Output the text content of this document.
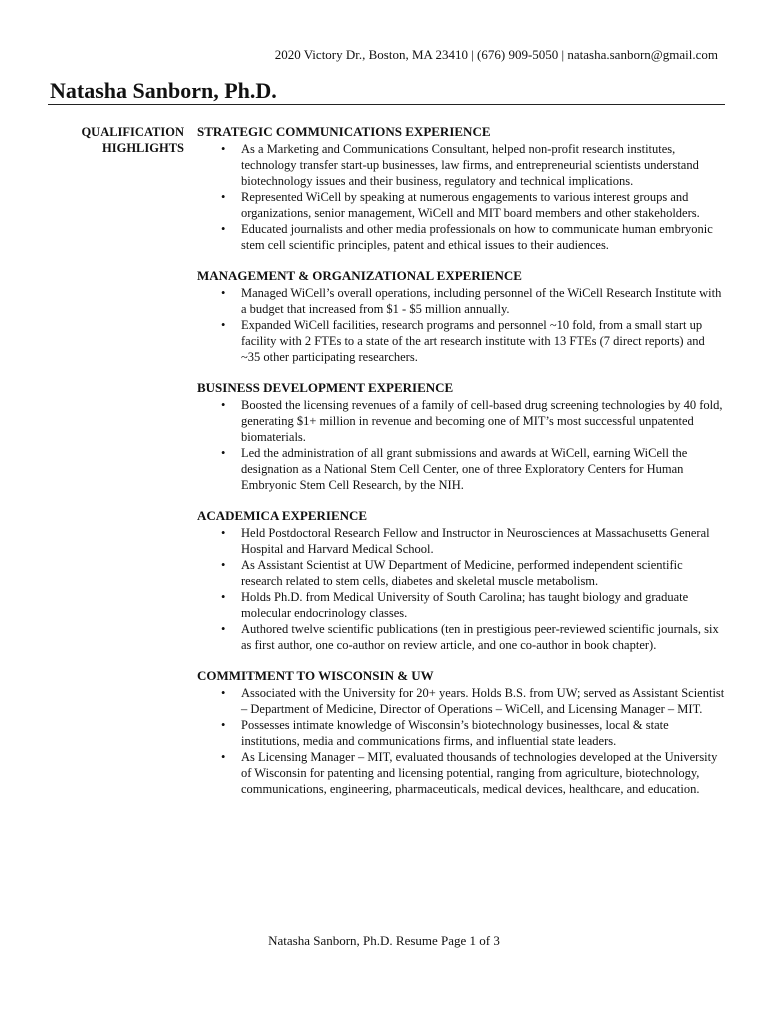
2020 Victory Dr., Boston, MA 23410 | (676) 909-5050 | natasha.sanborn@gmail.com
Natasha Sanborn, Ph.D.
QUALIFICATION HIGHLIGHTS
STRATEGIC COMMUNICATIONS EXPERIENCE
• As a Marketing and Communications Consultant, helped non-profit research institutes, technology transfer start-up businesses, law firms, and entrepreneurial scientists understand biotechnology issues and their business, regulatory and technical implications.
• Represented WiCell by speaking at numerous engagements to various interest groups and organizations, senior management, WiCell and MIT board members and other stakeholders.
• Educated journalists and other media professionals on how to communicate human embryonic stem cell scientific principles, patent and ethical issues to their audiences.
MANAGEMENT & ORGANIZATIONAL EXPERIENCE
• Managed WiCell’s overall operations, including personnel of the WiCell Research Institute with a budget that increased from $1 - $5 million annually.
• Expanded WiCell facilities, research programs and personnel ~10 fold, from a small start up facility with 2 FTEs to a state of the art research institute with 13 FTEs (7 direct reports) and ~35 other participating researchers.
BUSINESS DEVELOPMENT EXPERIENCE
• Boosted the licensing revenues of a family of cell-based drug screening technologies by 40 fold, generating $1+ million in revenue and becoming one of MIT’s most successful unpatented biomaterials.
• Led the administration of all grant submissions and awards at WiCell, earning WiCell the designation as a National Stem Cell Center, one of three Exploratory Centers for Human Embryonic Stem Cell Research, by the NIH.
ACADEMICA EXPERIENCE
• Held Postdoctoral Research Fellow and Instructor in Neurosciences at Massachusetts General Hospital and Harvard Medical School.
• As Assistant Scientist at UW Department of Medicine, performed independent scientific research related to stem cells, diabetes and skeletal muscle metabolism.
• Holds Ph.D. from Medical University of South Carolina; has taught biology and graduate molecular endocrinology classes.
• Authored twelve scientific publications (ten in prestigious peer-reviewed scientific journals, six as first author, one co-author on review article, and one co-author in book chapter).
COMMITMENT TO WISCONSIN & UW
• Associated with the University for 20+ years. Holds B.S. from UW; served as Assistant Scientist – Department of Medicine, Director of Operations – WiCell, and Licensing Manager – MIT.
• Possesses intimate knowledge of Wisconsin’s biotechnology businesses, local & state institutions, media and communications firms, and influential state leaders.
• As Licensing Manager – MIT, evaluated thousands of technologies developed at the University of Wisconsin for patenting and licensing potential, ranging from agriculture, biotechnology, communications, engineering, pharmaceuticals, medical devices, healthcare, and education.
Natasha Sanborn, Ph.D. Resume Page 1 of 3
